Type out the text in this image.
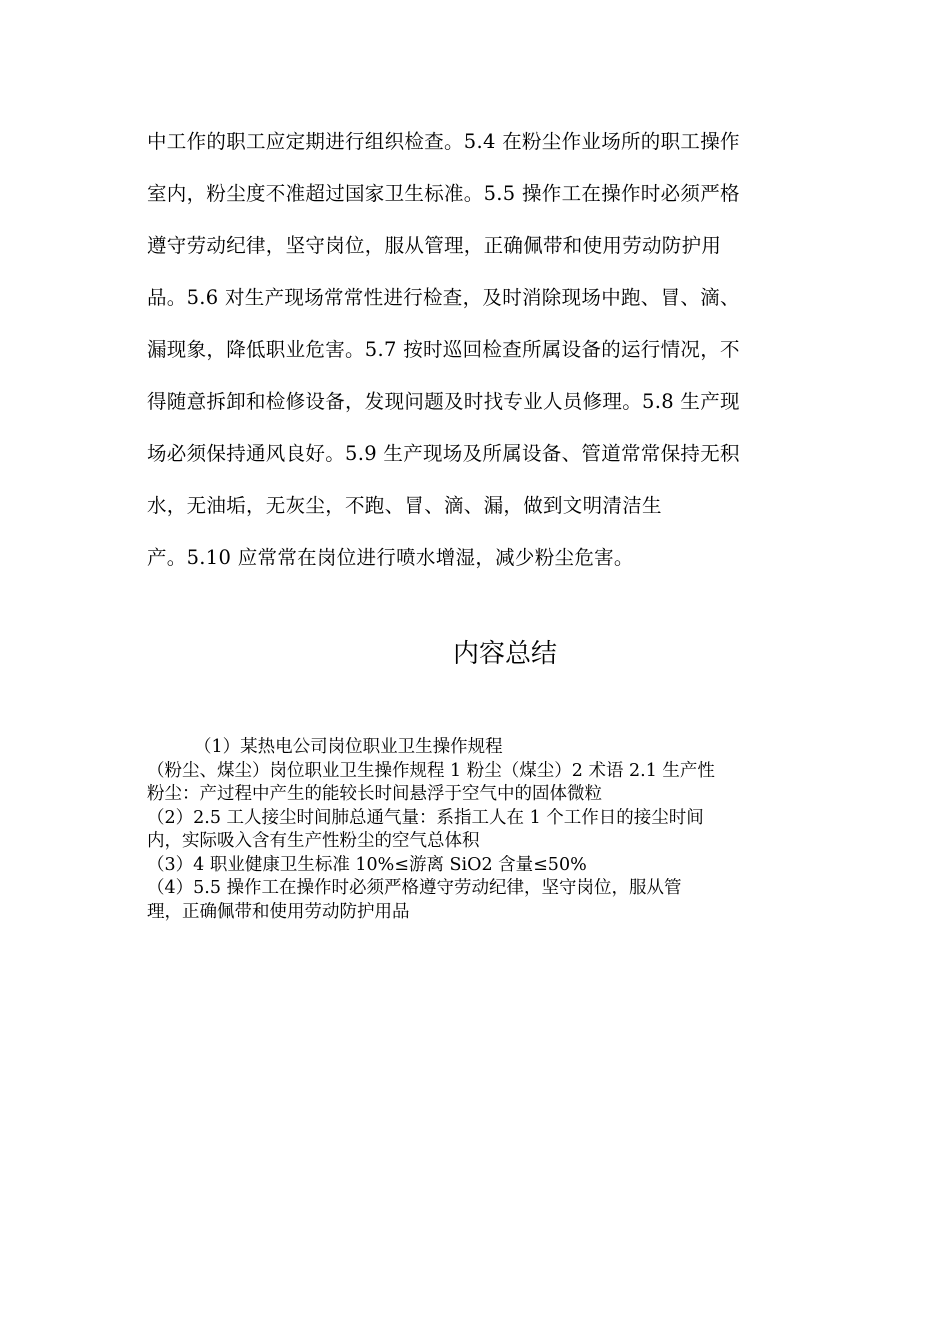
中工作的职工应定期进行组织检查。5.4 在粉尘作业场所的职工操作
室内，粉尘度不准超过国家卫生标准。5.5 操作工在操作时必须严格
遵守劳动纪律，坚守岗位，服从管理，正确佩带和使用劳动防护用
品。5.6 对生产现场常常性进行检查，及时消除现场中跑、冒、滴、
漏现象，降低职业危害。5.7 按时巡回检查所属设备的运行情况，不
得随意拆卸和检修设备，发现问题及时找专业人员修理。5.8 生产现
场必须保持通风良好。5.9 生产现场及所属设备、管道常常保持无积
水，无油垢，无灰尘，不跑、冒、滴、漏，做到文明清洁生
产。5.10 应常常在岗位进行喷水增湿，减少粉尘危害。
内容总结
（1）某热电公司岗位职业卫生操作规程
（粉尘、煤尘）岗位职业卫生操作规程 1 粉尘（煤尘）2 术语 2.1 生产性
粉尘：产过程中产生的能较长时间悬浮于空气中的固体微粒
（2）2.5 工人接尘时间肺总通气量：系指工人在 1 个工作日的接尘时间
内，实际吸入含有生产性粉尘的空气总体积
（3）4 职业健康卫生标准 10%≤游离 SiO2 含量≤50%
（4）5.5 操作工在操作时必须严格遵守劳动纪律，坚守岗位，服从管
理，正确佩带和使用劳动防护用品
